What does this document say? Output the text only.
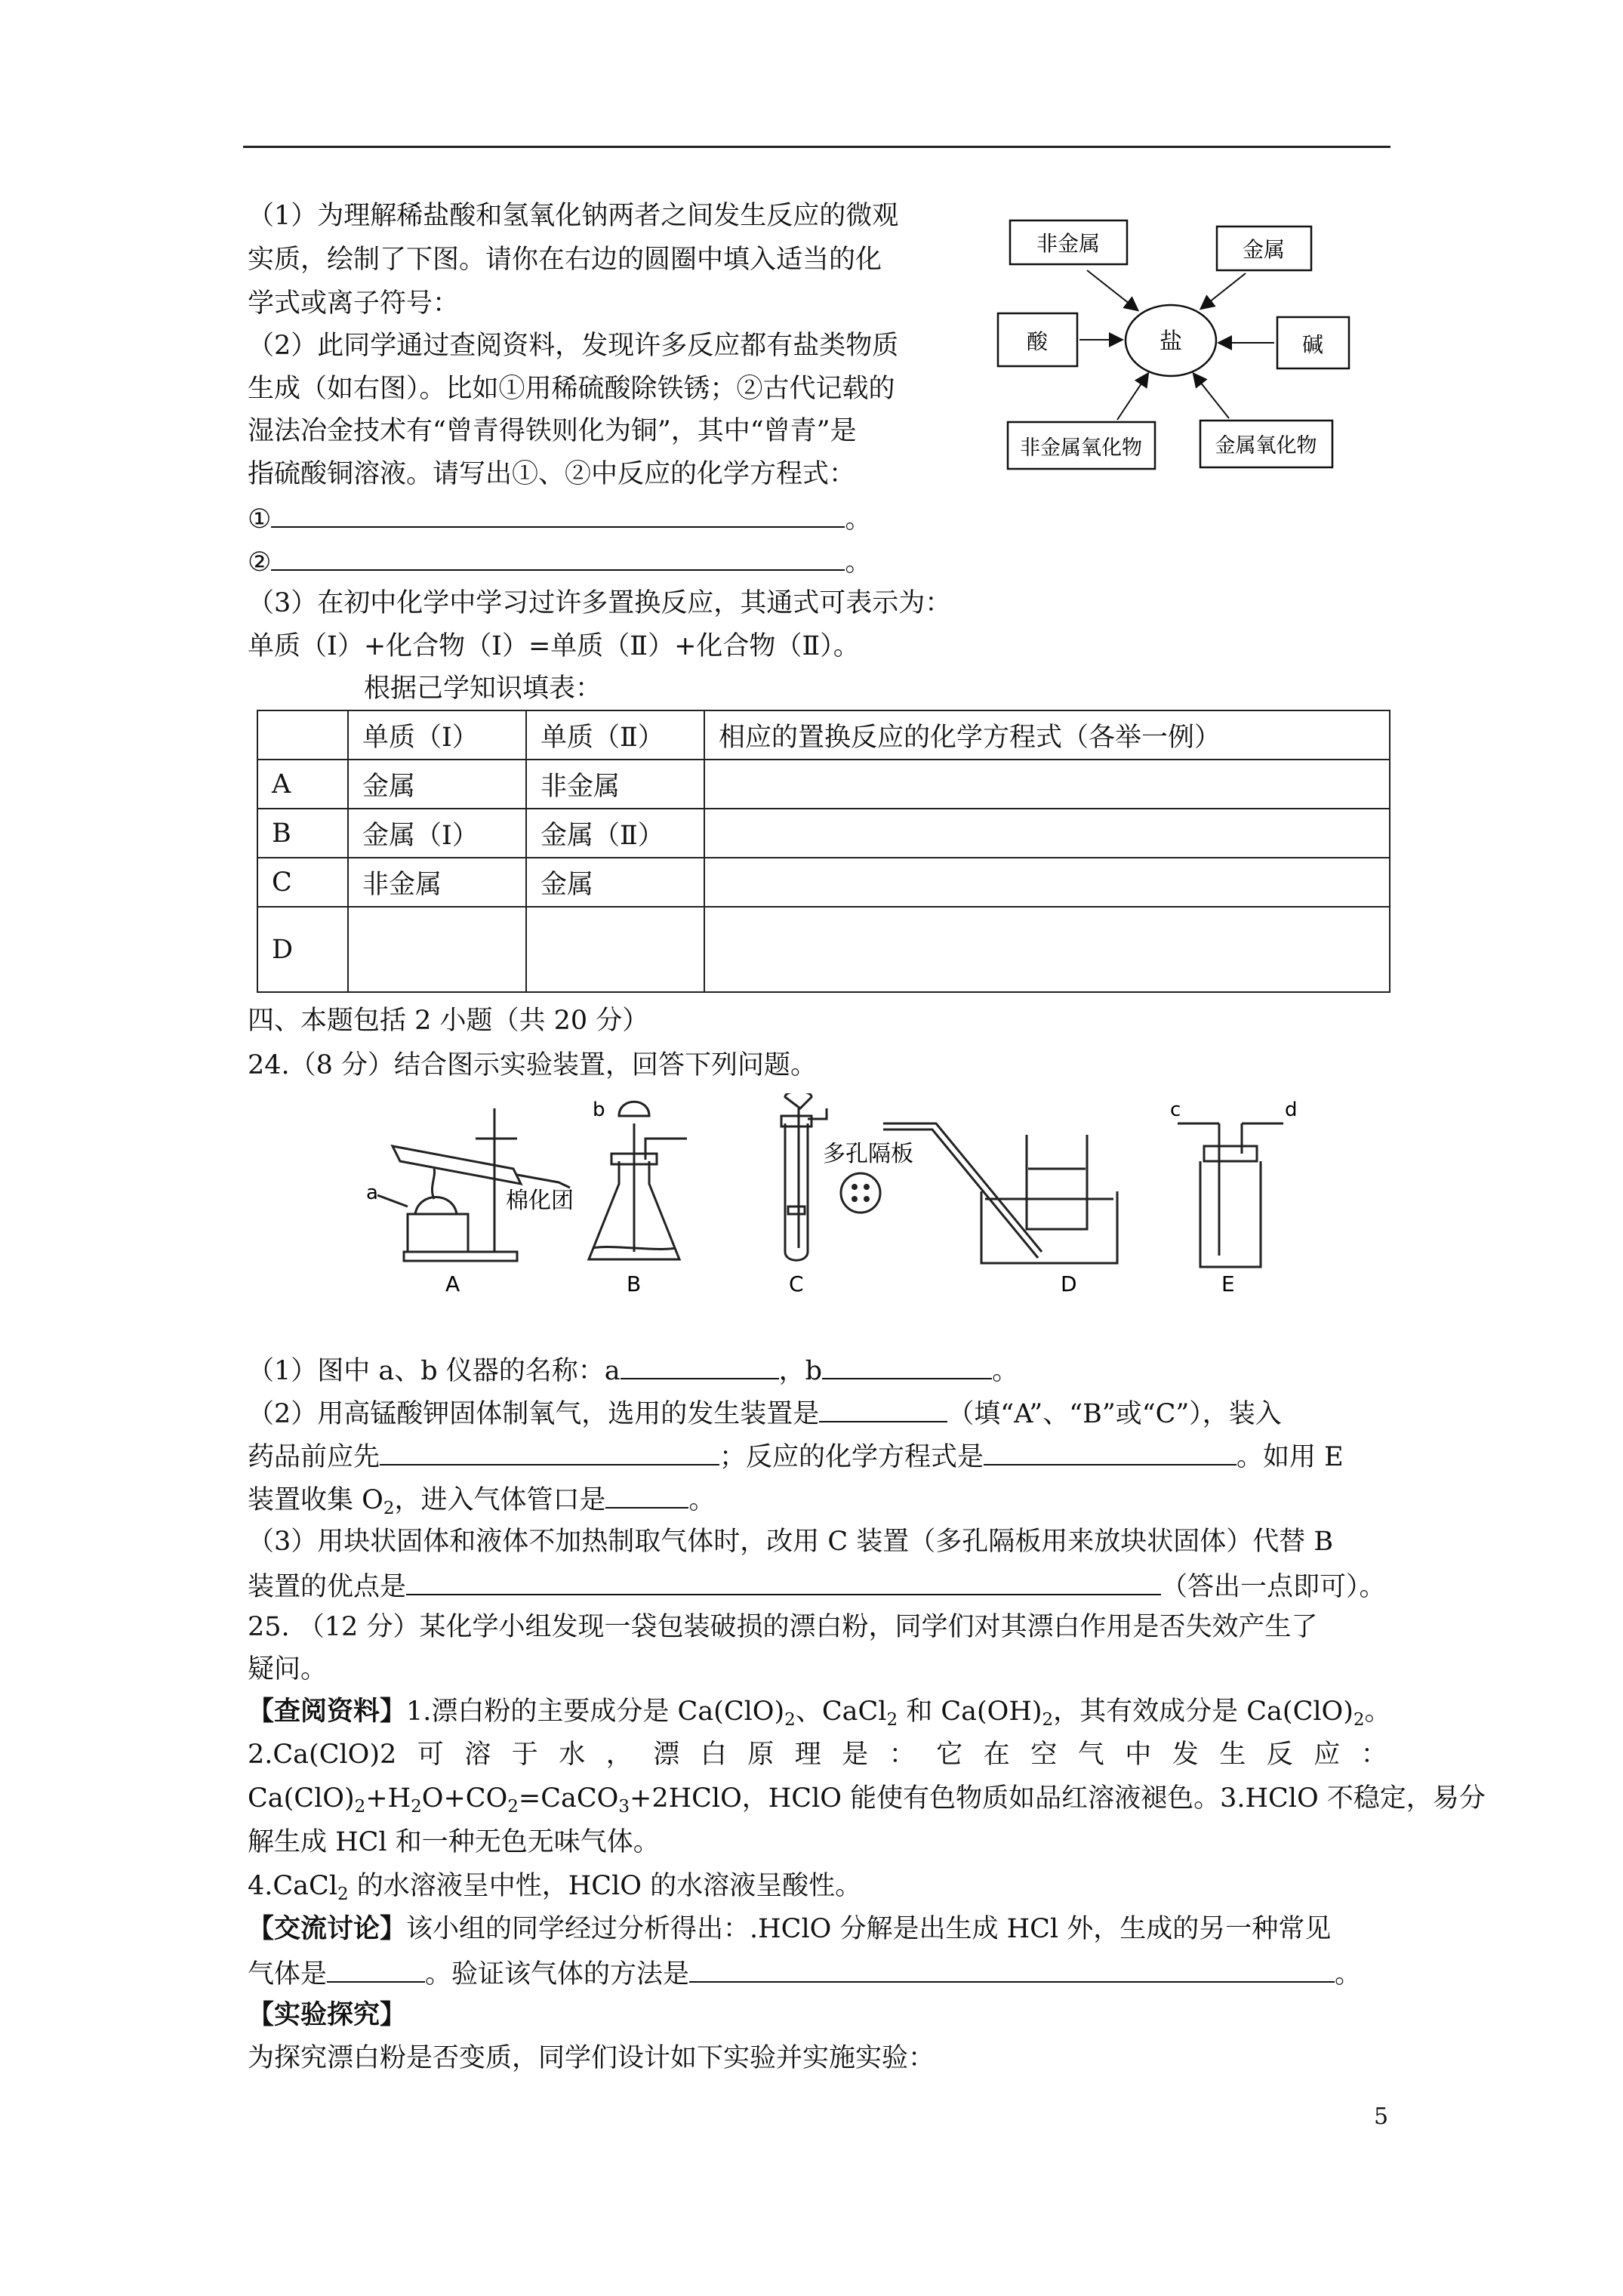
（1）为理解稀盐酸和氢氧化钠两者之间发生反应的微观
实质，绘制了下图。请你在右边的圆圈中填入适当的化
学式或离子符号：
（2）此同学通过查阅资料，发现许多反应都有盐类物质
生成（如右图）。比如①用稀硫酸除铁锈；②古代记载的
湿法冶金技术有“曾青得铁则化为铜”，其中“曾青”是
指硫酸铜溶液。请写出①、②中反应的化学方程式：
①	。
②	。
（3）在初中化学中学习过许多置换反应，其通式可表示为：
单质（Ⅰ）+化合物（Ⅰ）=单质（Ⅱ）+化合物（Ⅱ）。
根据己学知识填表：
盐
非金属	金属
酸	碱
非金属氧化物	金属氧化物
	单质（I）	单质（Ⅱ）	相应的置换反应的化学方程式（各举一例）
A	金属	非金属	
B	金属（I）	金属（Ⅱ）	
C	非金属	金属	
D			
四、本题包括 2 小题（共 20 分）
24.（8 分）结合图示实验装置，回答下列问题。
a	棉化团
A
b
B
多孔隔板
C	D
c	d
E
（1）图中 a、b 仪器的名称：a	，b	。
（2）用高锰酸钾固体制氧气，选用的发生装置是	（填“A”、“B”或“C”），装入
药品前应先	；反应的化学方程式是	。如用 E
装置收集 $O_2$，进入气体管口是	。
（3）用块状固体和液体不加热制取气体时，改用 C 装置（多孔隔板用来放块状固体）代替 B
装置的优点是	（答出一点即可）。
25. （12 分）某化学小组发现一袋包装破损的漂白粉，同学们对其漂白作用是否失效产生了
疑问。
【查阅资料】1.漂白粉的主要成分是 $Ca(ClO)_2$、CaCl$_2$ 和 $Ca(OH)_2$，其有效成分是 $Ca(ClO)_2$。
2.Ca(ClO)2 可 溶 于 水 ， 漂 白 原 理 是 ： 它 在 空 气 中 发 生 反 应 ：
$Ca(ClO)_2+H_2O+CO_2=CaCO_3+2HClO$，HClO 能使有色物质如品红溶液褪色。3.HClO 不稳定，易分
解生成 HCl 和一种无色无味气体。
4.CaCl$_2$ 的水溶液呈中性，HClO 的水溶液呈酸性。
【交流讨论】该小组的同学经过分析得出：.HClO 分解是出生成 HCl 外，生成的另一种常见
气体是	。验证该气体的方法是	。
【实验探究】
为探究漂白粉是否变质，同学们设计如下实验并实施实验：
5
